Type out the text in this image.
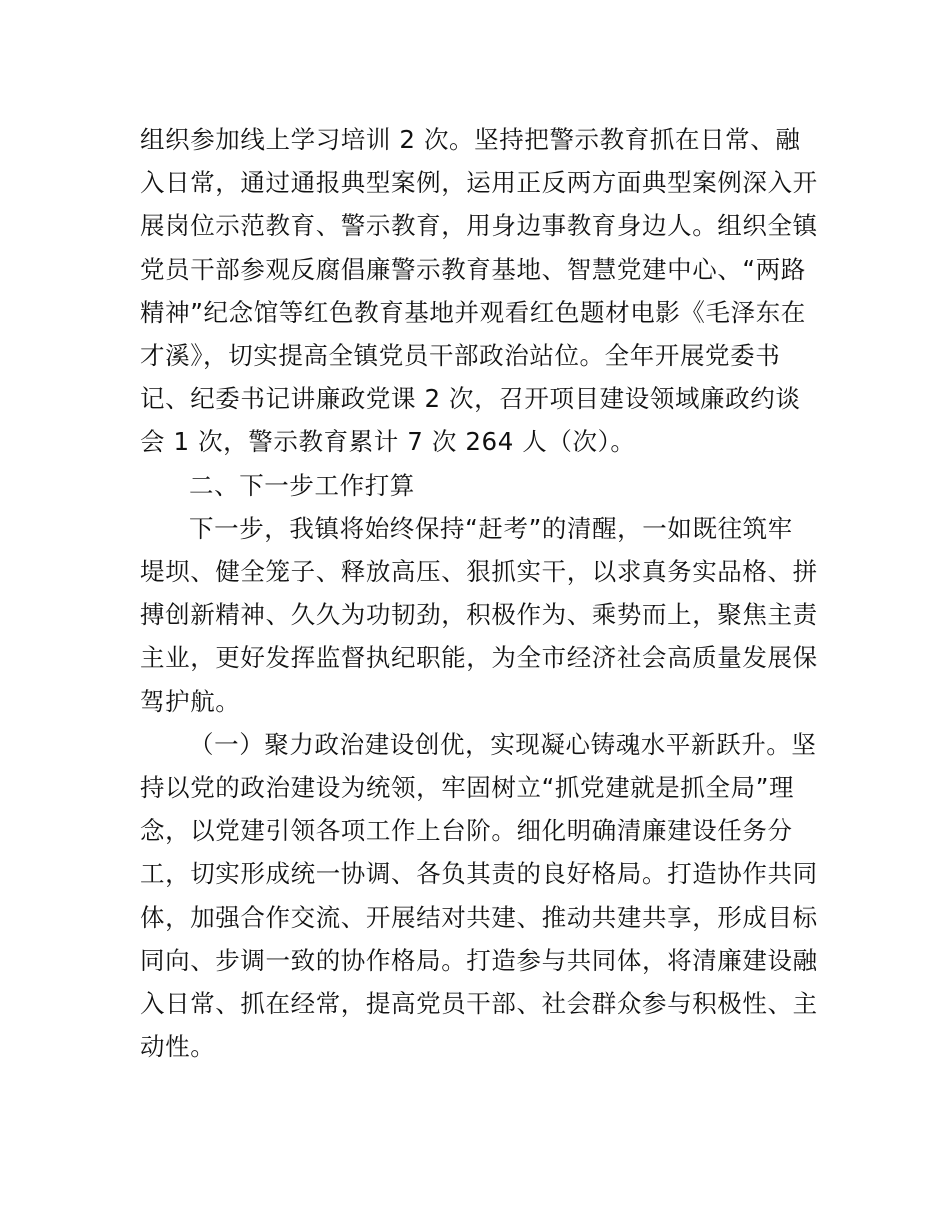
组织参加线上学习培训 2 次。坚持把警示教育抓在日常、融
入日常，通过通报典型案例，运用正反两方面典型案例深入开
展岗位示范教育、警示教育，用身边事教育身边人。组织全镇
党员干部参观反腐倡廉警示教育基地、智慧党建中心、“两路
精神”纪念馆等红色教育基地并观看红色题材电影《毛泽东在
才溪》，切实提高全镇党员干部政治站位。全年开展党委书
记、纪委书记讲廉政党课 2 次，召开项目建设领域廉政约谈
会 1 次，警示教育累计 7 次 264 人（次）。
二、下一步工作打算
下一步，我镇将始终保持“赶考”的清醒，一如既往筑牢
堤坝、健全笼子、释放高压、狠抓实干，以求真务实品格、拼
搏创新精神、久久为功韧劲，积极作为、乘势而上，聚焦主责
主业，更好发挥监督执纪职能，为全市经济社会高质量发展保
驾护航。
（一）聚力政治建设创优，实现凝心铸魂水平新跃升。坚
持以党的政治建设为统领，牢固树立“抓党建就是抓全局”理
念，以党建引领各项工作上台阶。细化明确清廉建设任务分
工，切实形成统一协调、各负其责的良好格局。打造协作共同
体，加强合作交流、开展结对共建、推动共建共享，形成目标
同向、步调一致的协作格局。打造参与共同体，将清廉建设融
入日常、抓在经常，提高党员干部、社会群众参与积极性、主
动性。
